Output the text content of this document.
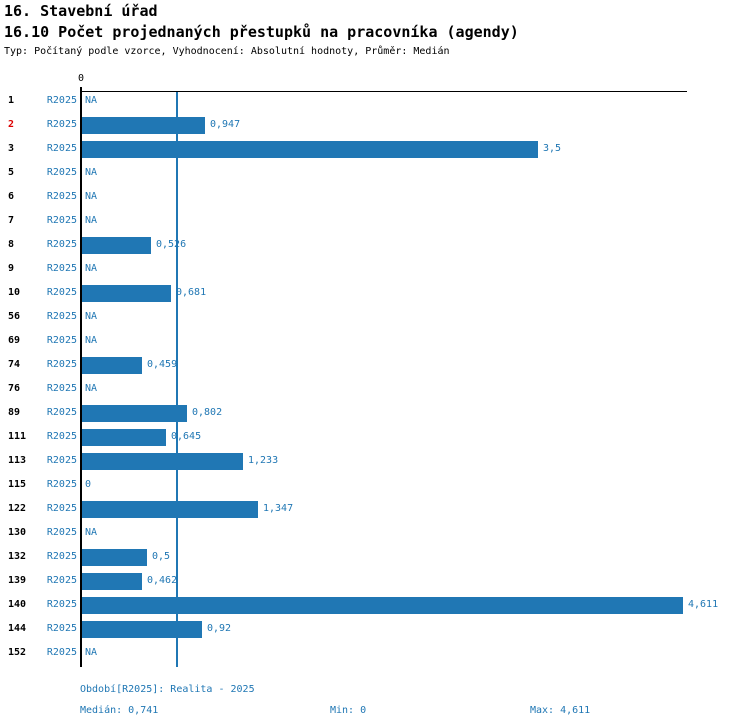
16. Stavební úřad
16.10 Počet projednaných přestupků na pracovníka (agendy)
Typ: Počítaný podle vzorce, Vyhodnocení: Absolutní hodnoty, Průměr: Medián
0
1	R2025 NA
2	R2025	0,947
3	R2025	3,5
5	R2025 NA
6	R2025 NA
7	R2025 NA
8	R2025	0,526
9	R2025 NA
10	R2025	0,681
56	R2025 NA
69	R2025 NA
74	R2025	0,459
76	R2025 NA
89	R2025	0,802
111	R2025	0,645
113	R2025	1,233
115	R2025 0
122	R2025	1,347
130	R2025 NA
132	R2025	0,5
139	R2025	0,462
140	R2025	4,611
144	R2025	0,92
152	R2025 NA
Období[R2025]: Realita - 2025
Medián: 0,741	Min: 0	Max: 4,611
